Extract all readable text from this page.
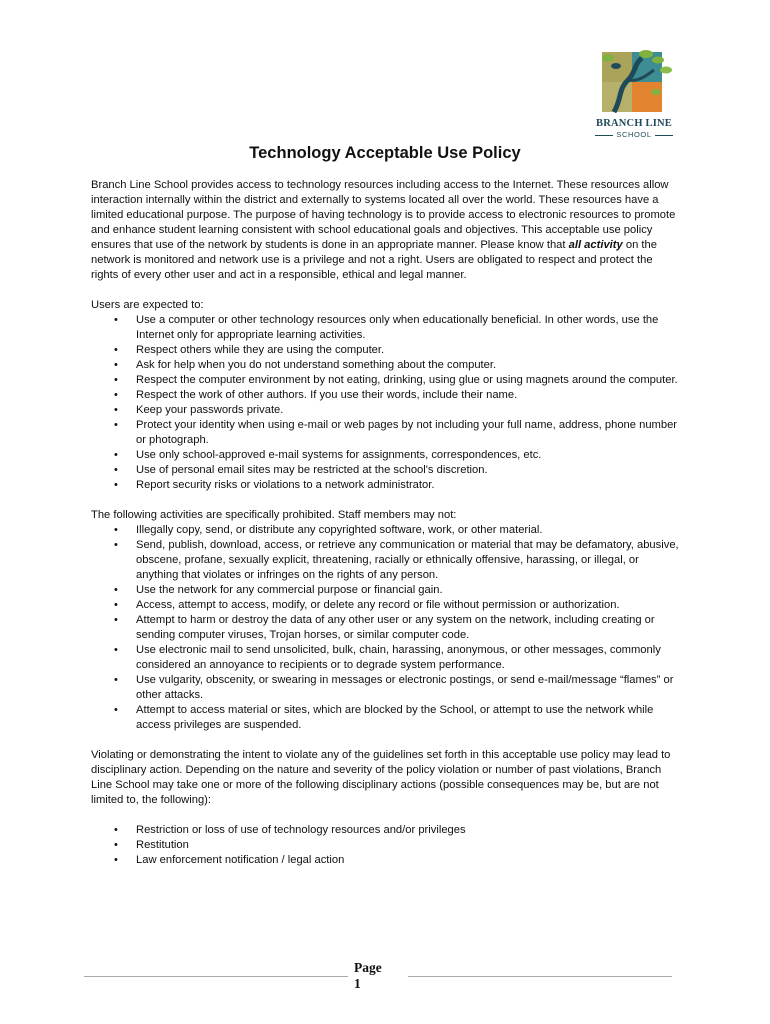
BRANCH LINE
SCHOOL
Technology Acceptable Use Policy

Branch Line School provides access to technology resources including access to the Internet. These resources allow interaction internally within the district and externally to systems located all over the world. These resources have a limited educational purpose. The purpose of having technology is to provide access to electronic resources to promote and enhance student learning consistent with school educational goals and objectives. This acceptable use policy ensures that use of the network by students is done in an appropriate manner. Please know that all activity on the network is monitored and network use is a privilege and not a right. Users are obligated to respect and protect the rights of every other user and act in a responsible, ethical and legal manner.

Users are expected to:

• Use a computer or other technology resources only when educationally beneficial. In other words, use the Internet only for appropriate learning activities.
• Respect others while they are using the computer.
• Ask for help when you do not understand something about the computer.
• Respect the computer environment by not eating, drinking, using glue or using magnets around the computer.
• Respect the work of other authors. If you use their words, include their name.
• Keep your passwords private.
• Protect your identity when using e-mail or web pages by not including your full name, address, phone number or photograph.
• Use only school-approved e-mail systems for assignments, correspondences, etc.
• Use of personal email sites may be restricted at the school's discretion.
• Report security risks or violations to a network administrator.

The following activities are specifically prohibited. Staff members may not:

• Illegally copy, send, or distribute any copyrighted software, work, or other material.
• Send, publish, download, access, or retrieve any communication or material that may be defamatory, abusive, obscene, profane, sexually explicit, threatening, racially or ethnically offensive, harassing, or illegal, or anything that violates or infringes on the rights of any person.
• Use the network for any commercial purpose or financial gain.
• Access, attempt to access, modify, or delete any record or file without permission or authorization.
• Attempt to harm or destroy the data of any other user or any system on the network, including creating or sending computer viruses, Trojan horses, or similar computer code.
• Use electronic mail to send unsolicited, bulk, chain, harassing, anonymous, or other messages, commonly considered an annoyance to recipients or to degrade system performance.
• Use vulgarity, obscenity, or swearing in messages or electronic postings, or send e-mail/message “flames” or other attacks.
• Attempt to access material or sites, which are blocked by the School, or attempt to use the network while access privileges are suspended.

Violating or demonstrating the intent to violate any of the guidelines set forth in this acceptable use policy may lead to disciplinary action. Depending on the nature and severity of the policy violation or number of past violations, Branch Line School may take one or more of the following disciplinary actions (possible consequences may be, but are not limited to, the following):

• Restriction or loss of use of technology resources and/or privileges
• Restitution
• Law enforcement notification / legal action
Page
1
